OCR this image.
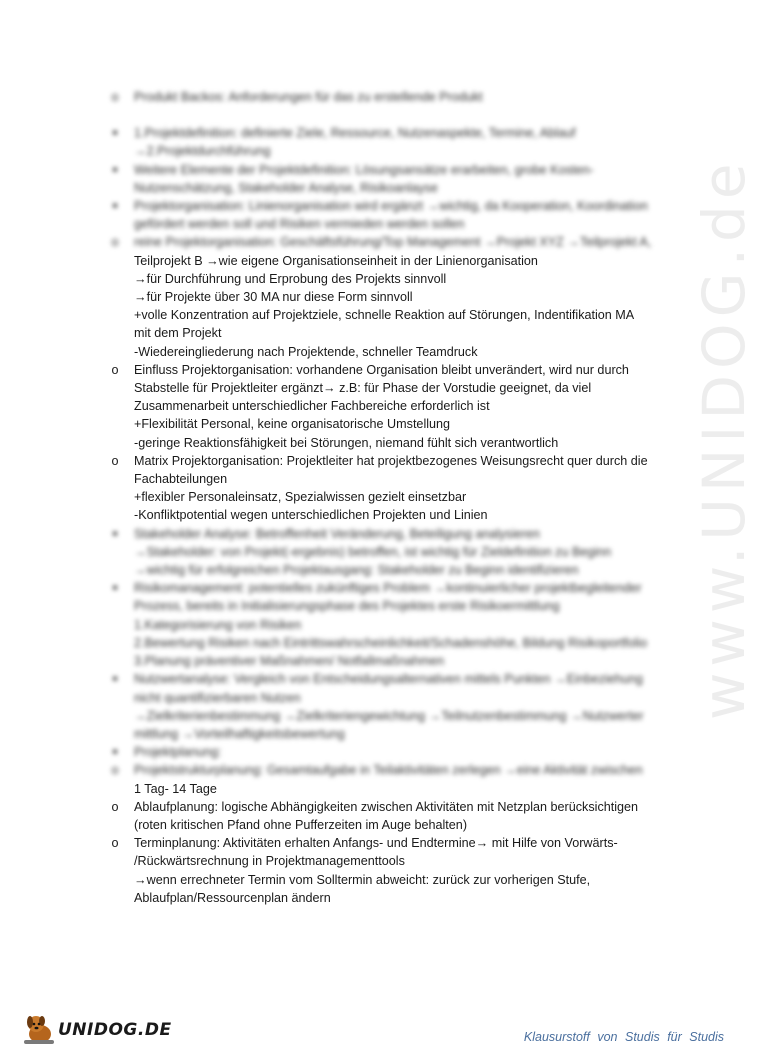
www.UNIDOG.de
o Produkt Backos: Anforderungen für das zu erstellende Produkt
■	1.Projektdefinition: definierte Ziele, Ressource, Nutzenaspekte, Termine, Ablauf
→2.Projektdurchführung
■	Weitere Elemente der Projektdefinition: Lösungsansätze erarbeiten, grobe Kosten-
Nutzenschätzung, Stakeholder Analyse, Risikoanlayse
■	Projektorganisation: Linienorganisation wird ergänzt →wichtig, da Kooperation, Koordination
gefördert werden soll und Risiken vermieden werden sollen
o reine Projektorganisation: Geschäftsführung/Top Management →Projekt XYZ →Teilprojekt A,
Teilprojekt B →wie eigene Organisationseinheit in der Linienorganisation
→für Durchführung und Erprobung des Projekts sinnvoll
→für Projekte über 30 MA nur diese Form sinnvoll
+volle Konzentration auf Projektziele, schnelle Reaktion auf Störungen, Indentifikation MA
mit dem Projekt
-Wiedereingliederung nach Projektende, schneller Teamdruck
o Einfluss Projektorganisation: vorhandene Organisation bleibt unverändert, wird nur durch
Stabstelle für Projektleiter ergänzt→ z.B: für Phase der Vorstudie geeignet, da viel
Zusammenarbeit unterschiedlicher Fachbereiche erforderlich ist
+Flexibilität Personal, keine organisatorische Umstellung
-geringe Reaktionsfähigkeit bei Störungen, niemand fühlt sich verantwortlich
o Matrix Projektorganisation: Projektleiter hat projektbezogenes Weisungsrecht quer durch die
Fachabteilungen
+flexibler Personaleinsatz, Spezialwissen gezielt einsetzbar
-Konfliktpotential wegen unterschiedlichen Projekten und Linien
■	Stakeholder Analyse: Betroffenheit Veränderung, Beteiligung analysieren
→Stakeholder: von Projekt(-ergebnis) betroffen, ist wichtig für Zieldefinition zu Beginn
→wichtig für erfolgreichen Projektausgang: Stakeholder zu Beginn identifizieren
■	Risikomanagement: potentielles zukünftiges Problem →kontinuierlicher projektbegleitender
Prozess, bereits in Initialisierungsphase des Projektes erste Risikoermittlung
1.Kategorisierung von Risiken
2.Bewertung Risiken nach Eintrittswahrscheinlichkeit/Schadenshöhe, Bildung Risikoportfolio
3.Planung präventiver Maßnahmen/ Notfallmaßnahmen
■	Nutzwertanalyse: Vergleich von Entscheidungsalternativen mittels Punkten →Einbeziehung
nicht quantifizierbaren Nutzen
→Zielkriterienbestimmung →Zielkriteriengewichtung →Teilnutzenbestimmung →Nutzwerter
mittlung →Vorteilhaftigkeitsbewertung
■	Projektplanung:
o Projektstrukturplanung: Gesamtaufgabe in Teilaktivitäten zerlegen →eine Aktivität zwischen
1 Tag- 14 Tage
o Ablaufplanung: logische Abhängigkeiten zwischen Aktivitäten mit Netzplan berücksichtigen
(roten kritischen Pfand ohne Pufferzeiten im Auge behalten)
o Terminplanung: Aktivitäten erhalten Anfangs- und Endtermine→ mit Hilfe von Vorwärts-
/Rückwärtsrechnung in Projektmanagementtools
→wenn errechneter Termin vom Solltermin abweicht: zurück zur vorherigen Stufe,
Ablaufplan/Ressourcenplan ändern
UNIDOG.DE	Klausurstoff von Studis für Studis
